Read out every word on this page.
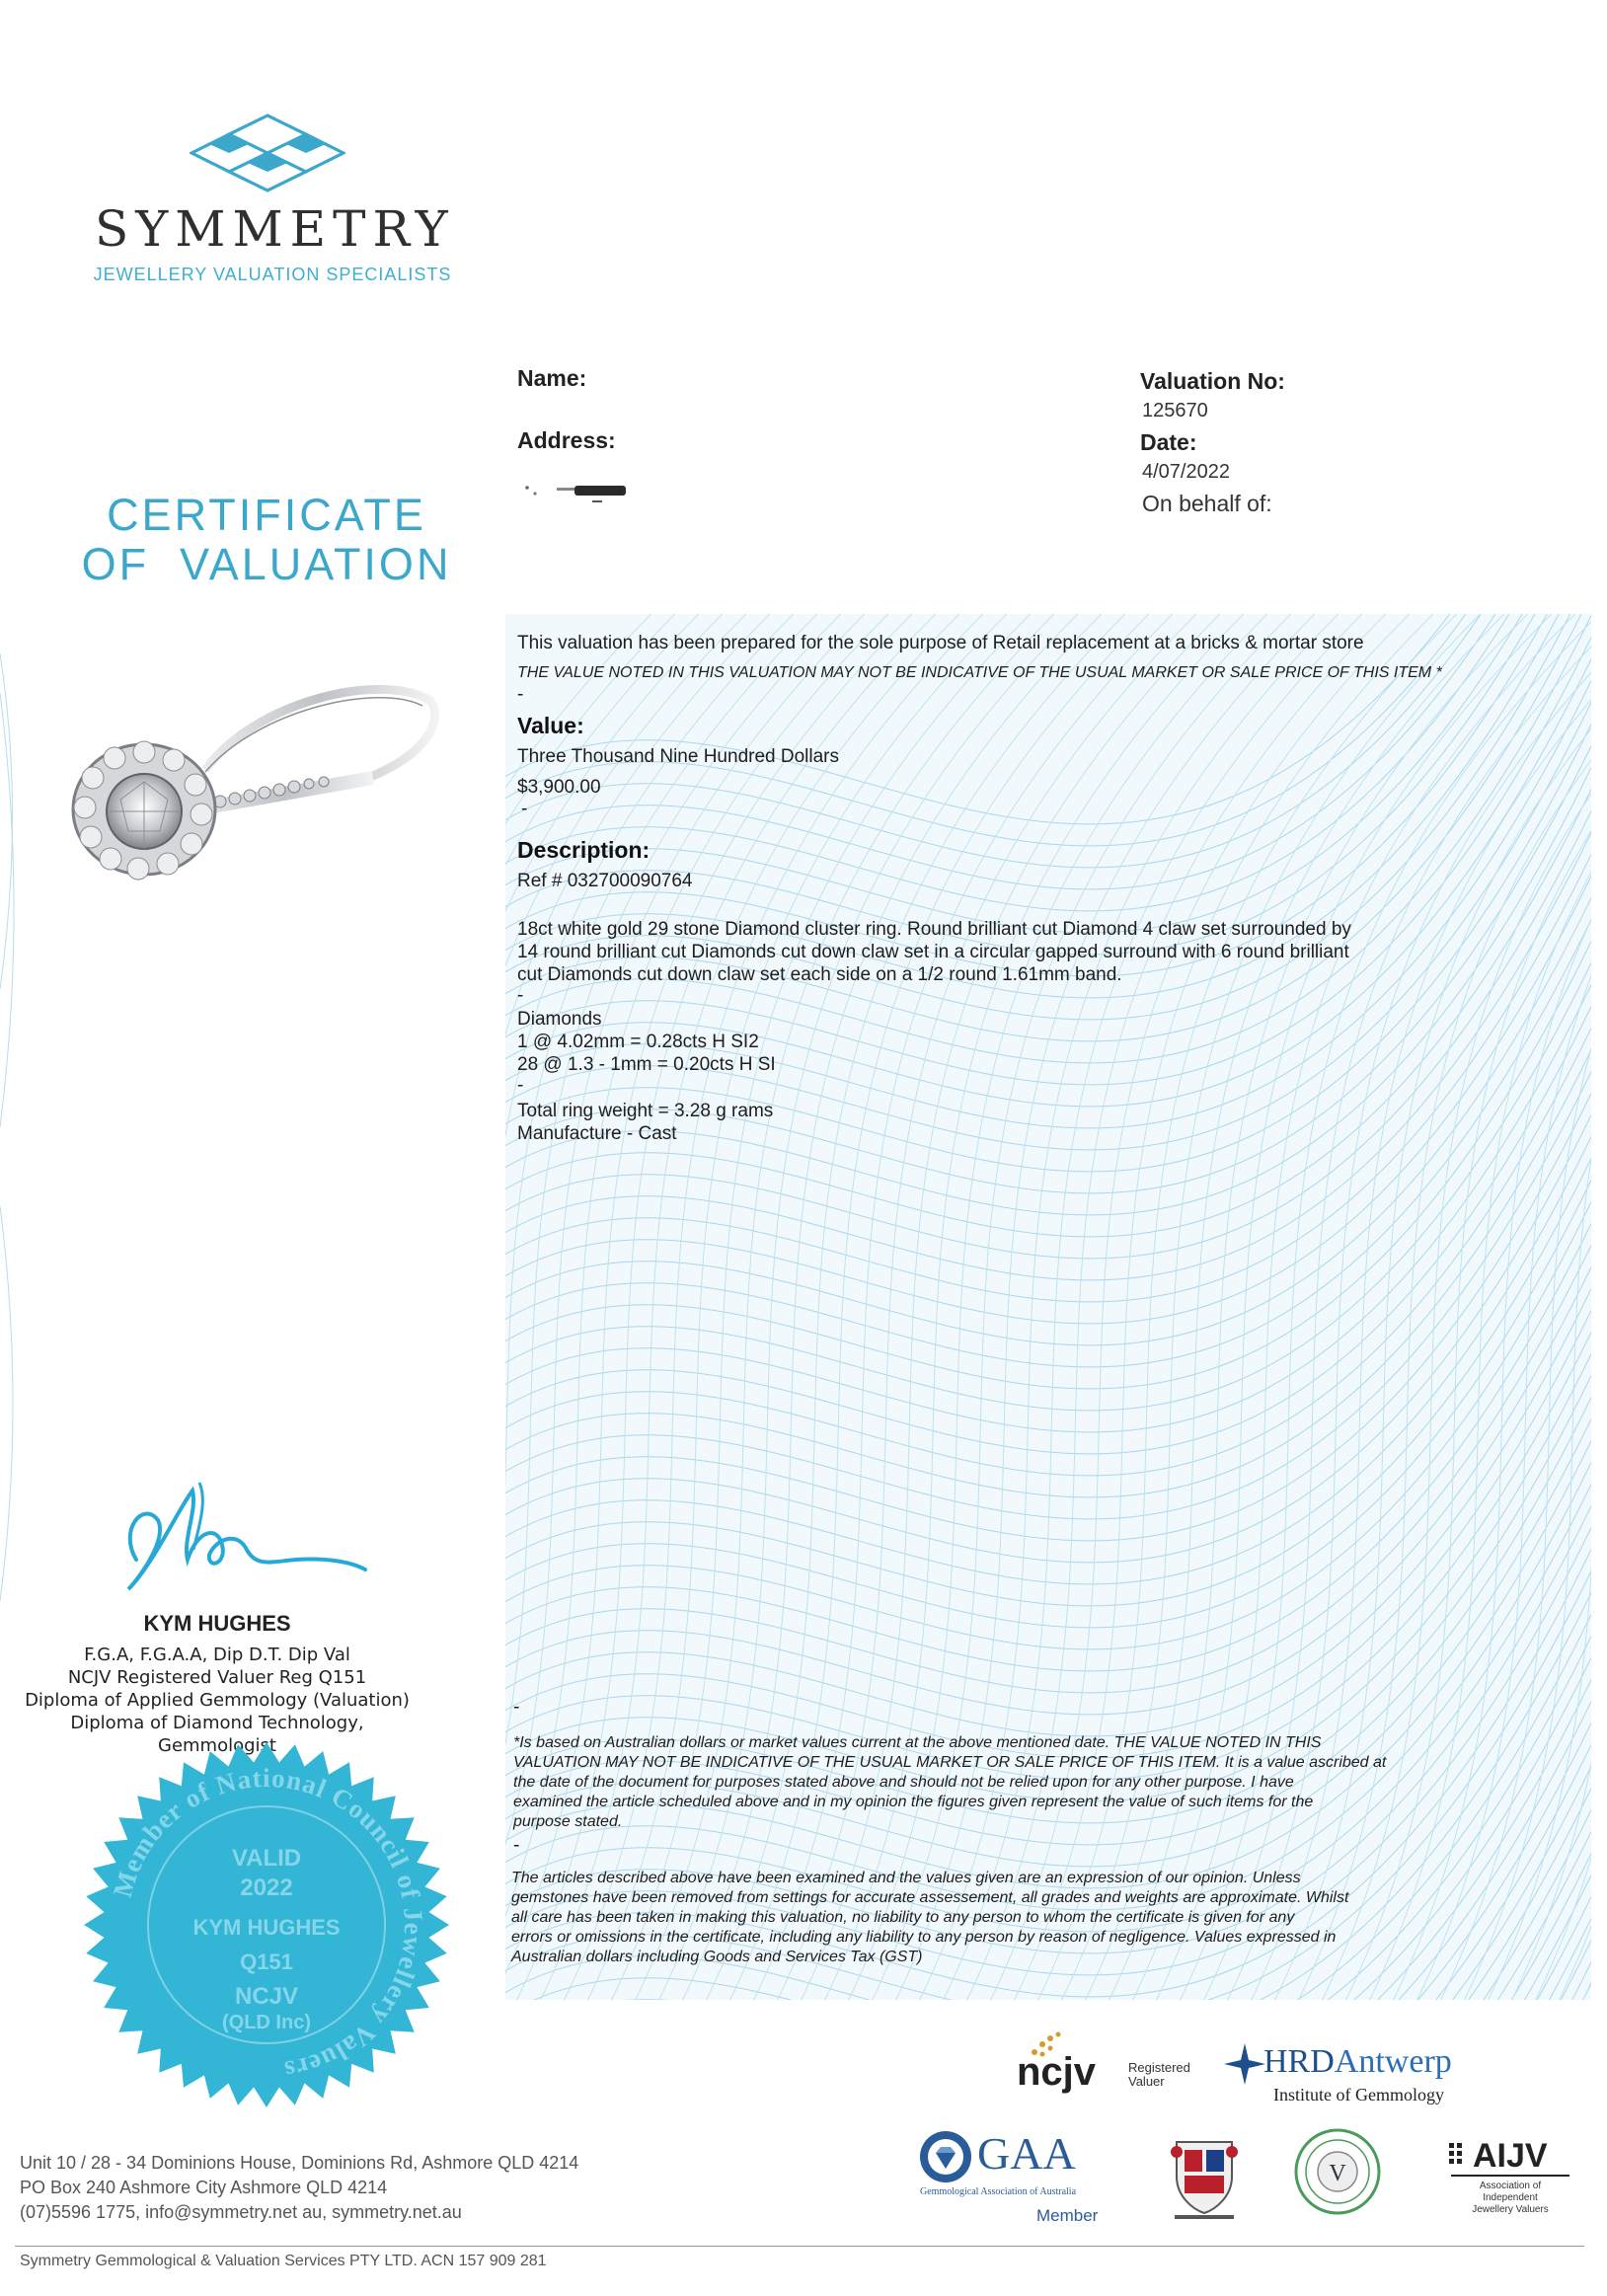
SYMMETRY
JEWELLERY VALUATION SPECIALISTS
CERTIFICATE
OF  VALUATION
Name:
Address:
Valuation No:
125670
Date:
4/07/2022
On behalf of:
This valuation has been prepared for the sole purpose of Retail replacement at a bricks & mortar store
THE VALUE NOTED IN THIS VALUATION MAY NOT BE INDICATIVE OF THE USUAL MARKET OR SALE PRICE OF THIS ITEM *
-
Value:
Three Thousand Nine Hundred Dollars
$3,900.00
-
Description:
Ref # 032700090764
18ct white gold 29 stone Diamond cluster ring. Round brilliant cut Diamond 4 claw set surrounded by
14 round brilliant cut Diamonds cut down claw set in a circular gapped surround with 6 round brilliant
cut Diamonds cut down claw set each side on a 1/2 round 1.61mm band.
-
Diamonds
1 @ 4.02mm = 0.28cts H SI2
28 @ 1.3 - 1mm = 0.20cts H SI
-
Total ring weight = 3.28 g rams
Manufacture - Cast
-
*Is based on Australian dollars or market values current at the above mentioned date. THE VALUE NOTED IN THIS
VALUATION MAY NOT BE INDICATIVE OF THE USUAL MARKET OR SALE PRICE OF THIS ITEM. It is a value ascribed at
the date of the document for purposes stated above and should not be relied upon for any other purpose. I have
examined the article scheduled above and in my opinion the figures given represent the value of such items for the
purpose stated.
-
The articles described above have been examined and the values given are an expression of our opinion. Unless
gemstones have been removed from settings for accurate assessement, all grades and weights are approximate. Whilst
all care has been taken in making this valuation, no liability to any person to whom the certificate is given for any
errors or omissions in the certificate, including any liability to any person by reason of negligence. Values expressed in
Australian dollars including Goods and Services Tax (GST)
KYM HUGHES
F.G.A, F.G.A.A, Dip D.T. Dip Val
NCJV Registered Valuer Reg Q151
Diploma of Applied Gemmology (Valuation)
Diploma of Diamond Technology,
Gemmologist
Member of National Council of Jewellery Valuers
VALID
2022
KYM HUGHES
Q151
NCJV
(QLD Inc)
ncjv	Registered
Valuer
HRDAntwerp
Institute of Gemmology
GAA
Gemmological Association of Australia
Member
V	AIJV
Association of
Independent
Jewellery Valuers
Unit 10 / 28 - 34 Dominions House, Dominions Rd, Ashmore QLD 4214
PO Box 240 Ashmore City Ashmore QLD 4214
(07)5596 1775, info@symmetry.net au, symmetry.net.au
Symmetry Gemmological & Valuation Services PTY LTD. ACN 157 909 281
